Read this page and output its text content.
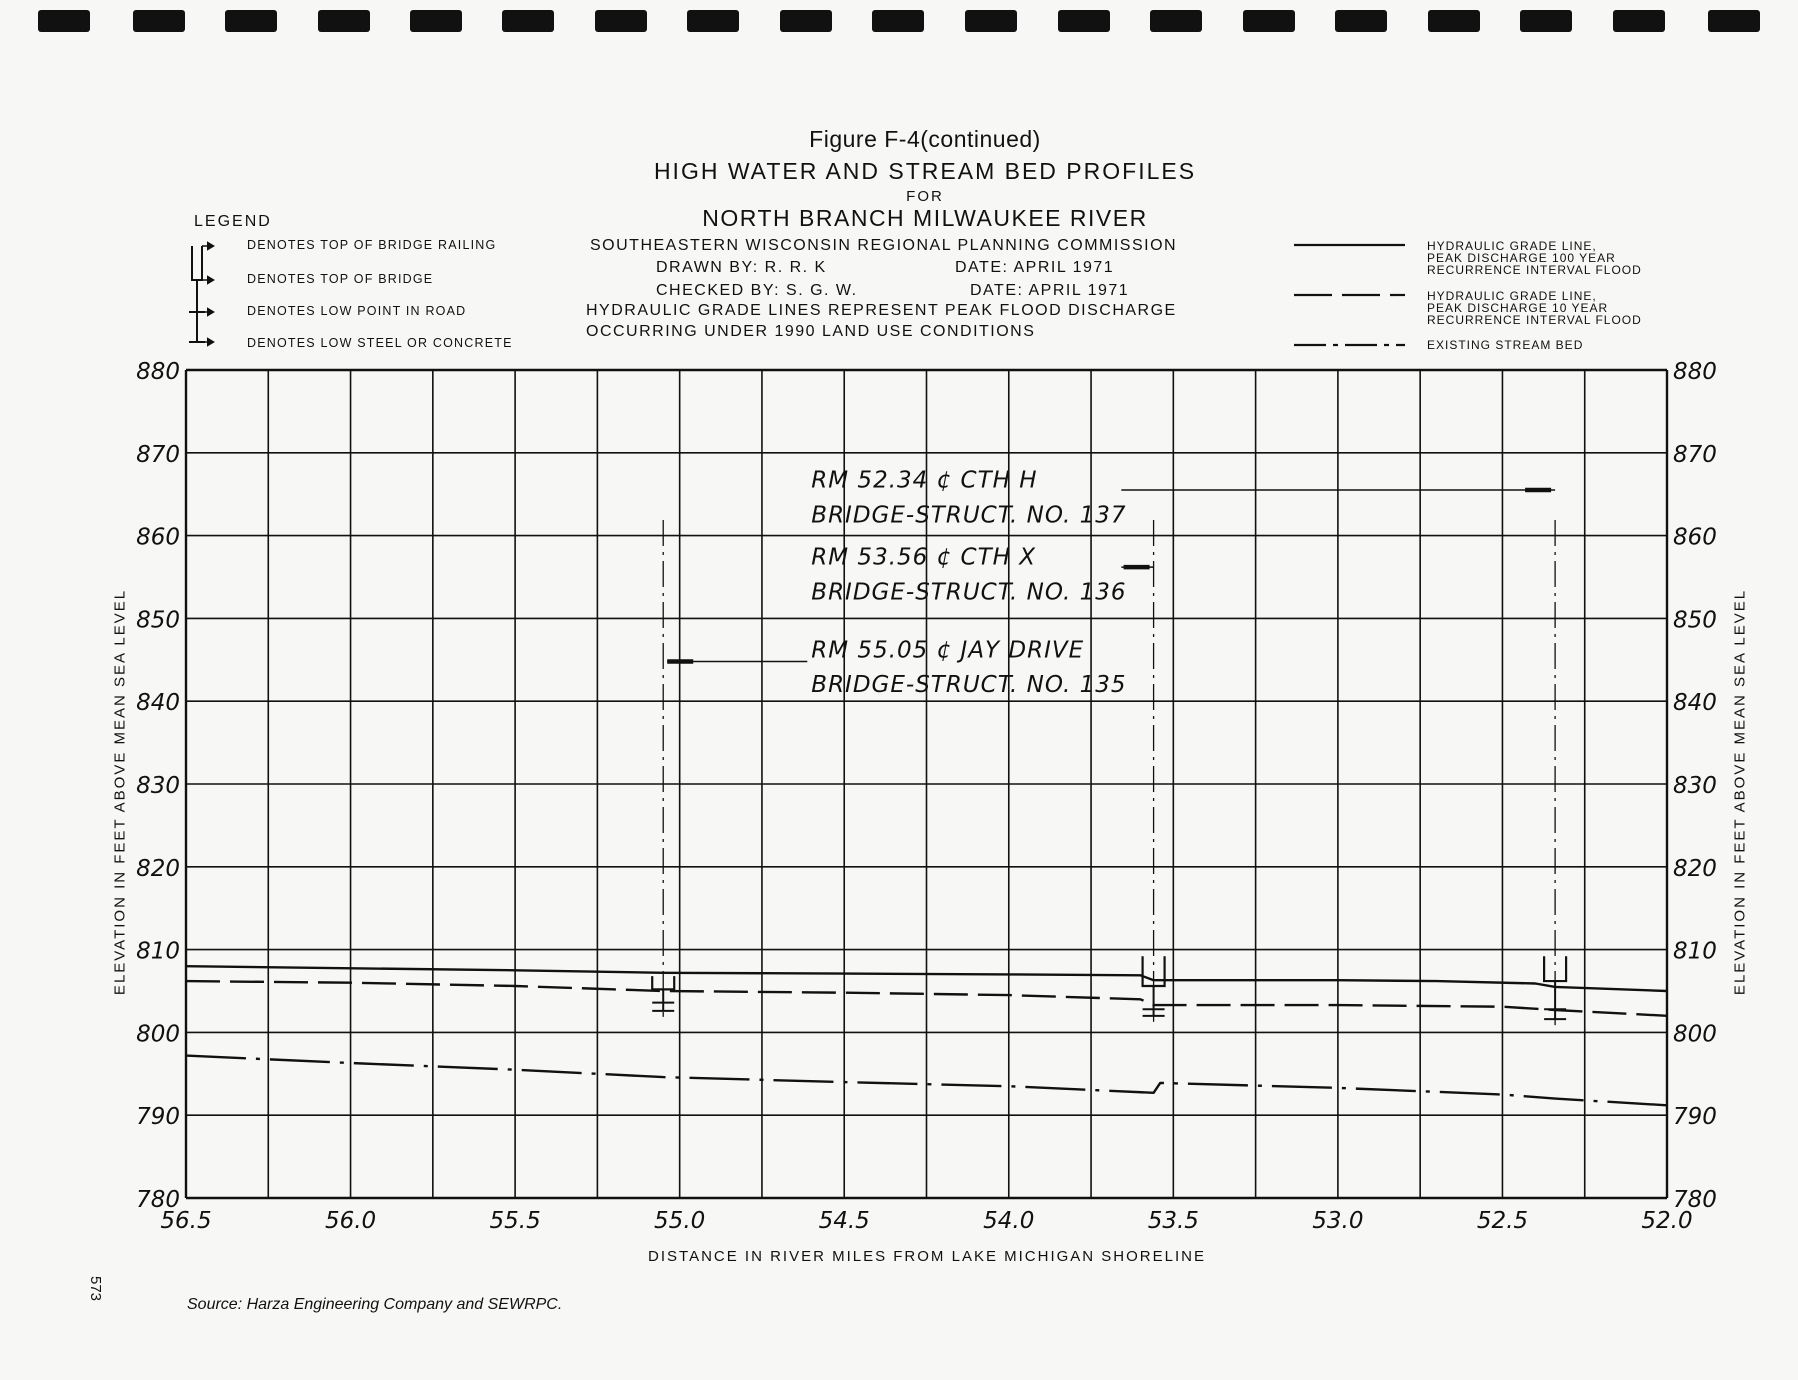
Figure F-4(continued)
HIGH WATER AND STREAM BED PROFILES
FOR
NORTH BRANCH MILWAUKEE RIVER
SOUTHEASTERN WISCONSIN REGIONAL PLANNING COMMISSION
DRAWN BY: R. R. K	DATE: APRIL 1971
CHECKED BY: S. G. W.	DATE: APRIL 1971
HYDRAULIC GRADE LINES REPRESENT PEAK FLOOD DISCHARGE
OCCURRING UNDER 1990 LAND USE CONDITIONS
LEGEND
DENOTES TOP OF BRIDGE RAILING
DENOTES TOP OF BRIDGE
DENOTES LOW POINT IN ROAD
DENOTES LOW STEEL OR CONCRETE
HYDRAULIC GRADE LINE,
PEAK DISCHARGE 100 YEAR
RECURRENCE INTERVAL FLOOD
HYDRAULIC GRADE LINE,
PEAK DISCHARGE 10 YEAR
RECURRENCE INTERVAL FLOOD
EXISTING STREAM BED
780	780
790	790
800	800
810	810
820	820
830	830
840	840
850	850
860	860
870	870
880	880
56.5	56.0	55.5	55.0	54.5	54.0	53.5	53.0	52.5	52.0
RM 52.34 ¢ CTH H
BRIDGE-STRUCT. NO. 137
RM 53.56 ¢ CTH X
BRIDGE-STRUCT. NO. 136
RM 55.05 ¢ JAY DRIVE
BRIDGE-STRUCT. NO. 135
DISTANCE IN RIVER MILES FROM LAKE MICHIGAN SHORELINE
ELEVATION IN FEET ABOVE MEAN SEA LEVEL	ELEVATION IN FEET ABOVE MEAN SEA LEVEL
Source: Harza Engineering Company and SEWRPC.
573
